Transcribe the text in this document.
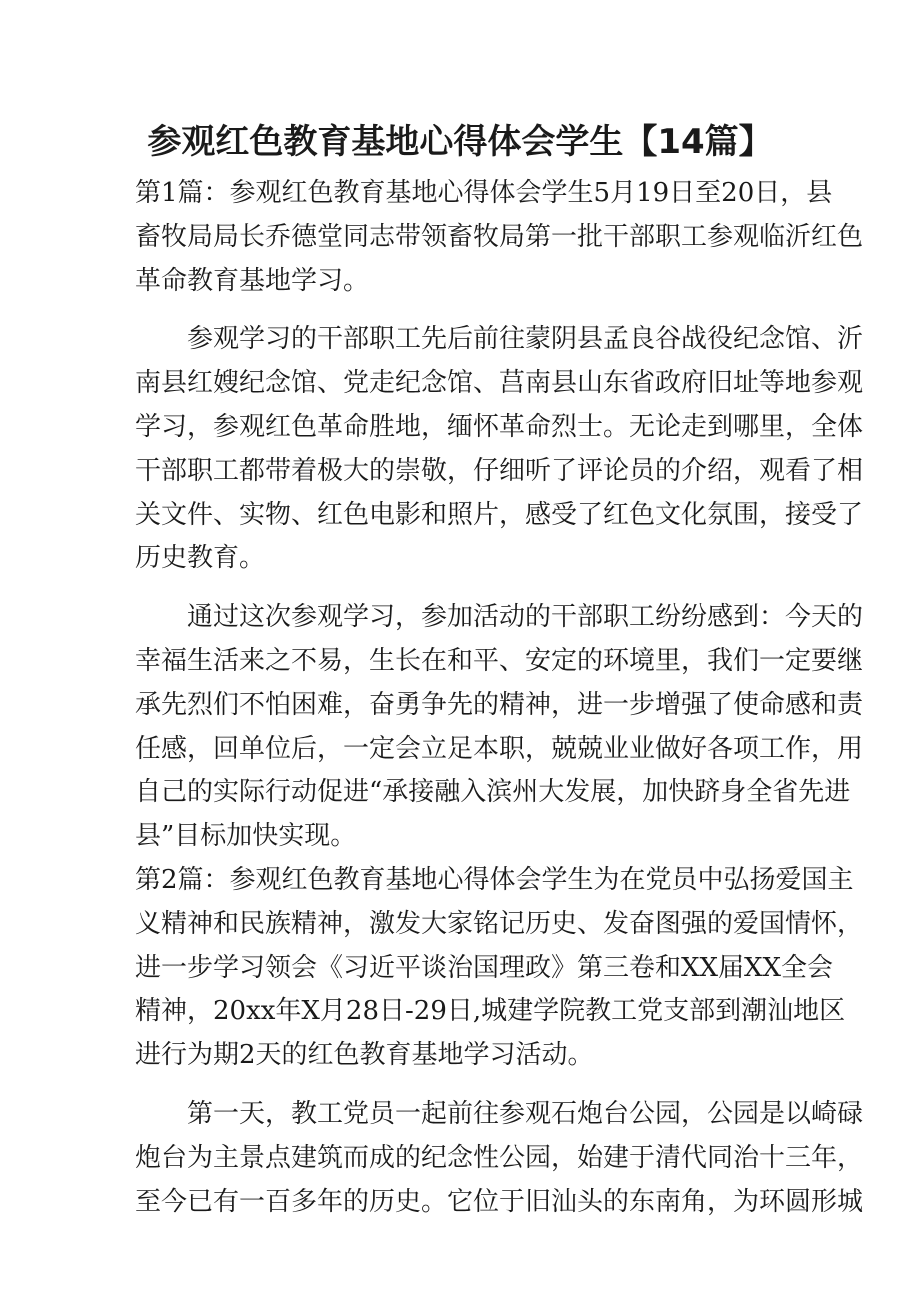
参观红色教育基地心得体会学生【14篇】
第1篇：参观红色教育基地心得体会学生5月19日至20日，县
畜牧局局长乔德堂同志带领畜牧局第一批干部职工参观临沂红色
革命教育基地学习。
参观学习的干部职工先后前往蒙阴县孟良谷战役纪念馆、沂
南县红嫂纪念馆、党走纪念馆、莒南县山东省政府旧址等地参观
学习，参观红色革命胜地，缅怀革命烈士。无论走到哪里，全体
干部职工都带着极大的崇敬，仔细听了评论员的介绍，观看了相
关文件、实物、红色电影和照片，感受了红色文化氛围，接受了
历史教育。
通过这次参观学习，参加活动的干部职工纷纷感到：今天的
幸福生活来之不易，生长在和平、安定的环境里，我们一定要继
承先烈们不怕困难，奋勇争先的精神，进一步增强了使命感和责
任感，回单位后，一定会立足本职，兢兢业业做好各项工作，用
自己的实际行动促进“承接融入滨州大发展，加快跻身全省先进
县”目标加快实现。
第2篇：参观红色教育基地心得体会学生为在党员中弘扬爱国主
义精神和民族精神，激发大家铭记历史、发奋图强的爱国情怀，
进一步学习领会《习近平谈治国理政》第三卷和XX届XX全会
精神，20xx年X月28日-29日,城建学院教工党支部到潮汕地区
进行为期2天的红色教育基地学习活动。
第一天，教工党员一起前往参观石炮台公园，公园是以崎碌
炮台为主景点建筑而成的纪念性公园，始建于清代同治十三年，
至今已有一百多年的历史。它位于旧汕头的东南角，为环圆形城
